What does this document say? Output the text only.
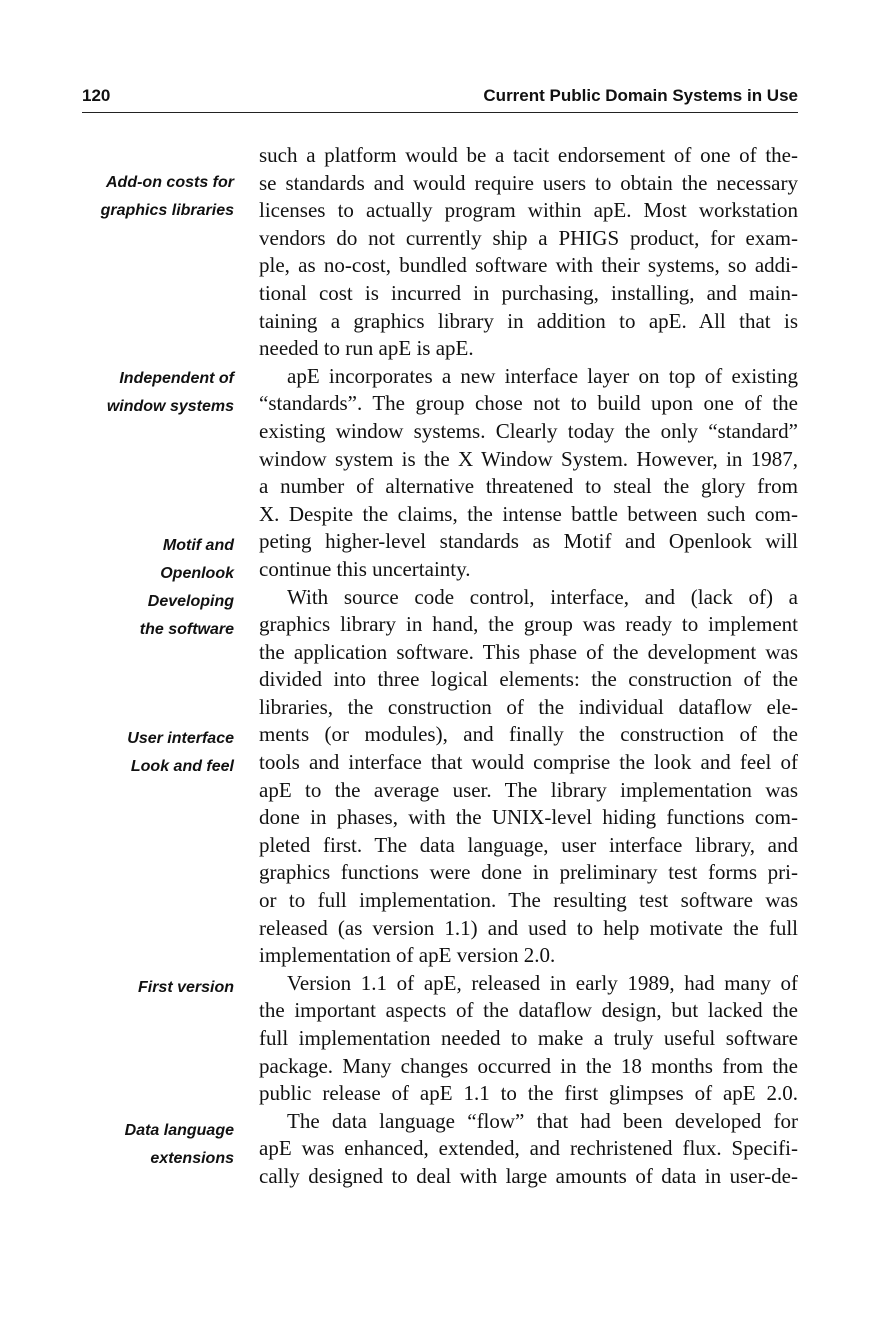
120	Current Public Domain Systems in Use
Add-on costs for
graphics libraries
Independent of
window systems
Motif and
Openlook
Developing
the software
User interface
Look and feel
First version
Data language
extensions
such a platform would be a tacit endorsement of one of the-
se standards and would require users to obtain the necessary
licenses to actually program within apE. Most workstation
vendors do not currently ship a PHIGS product, for exam-
ple, as no-cost, bundled software with their systems, so addi-
tional cost is incurred in purchasing, installing, and main-
taining a graphics library in addition to apE. All that is
needed to run apE is apE.
apE incorporates a new interface layer on top of existing
“standards”. The group chose not to build upon one of the
existing window systems. Clearly today the only “standard”
window system is the X Window System. However, in 1987,
a number of alternative threatened to steal the glory from
X. Despite the claims, the intense battle between such com-
peting higher-level standards as Motif and Openlook will
continue this uncertainty.
With source code control, interface, and (lack of) a
graphics library in hand, the group was ready to implement
the application software. This phase of the development was
divided into three logical elements: the construction of the
libraries, the construction of the individual dataflow ele-
ments (or modules), and finally the construction of the
tools and interface that would comprise the look and feel of
apE to the average user. The library implementation was
done in phases, with the UNIX-level hiding functions com-
pleted first. The data language, user interface library, and
graphics functions were done in preliminary test forms pri-
or to full implementation. The resulting test software was
released (as version 1.1) and used to help motivate the full
implementation of apE version 2.0.
Version 1.1 of apE, released in early 1989, had many of
the important aspects of the dataflow design, but lacked the
full implementation needed to make a truly useful software
package. Many changes occurred in the 18 months from the
public release of apE 1.1 to the first glimpses of apE 2.0.
The data language “flow” that had been developed for
apE was enhanced, extended, and rechristened flux. Specifi-
cally designed to deal with large amounts of data in user-de-
